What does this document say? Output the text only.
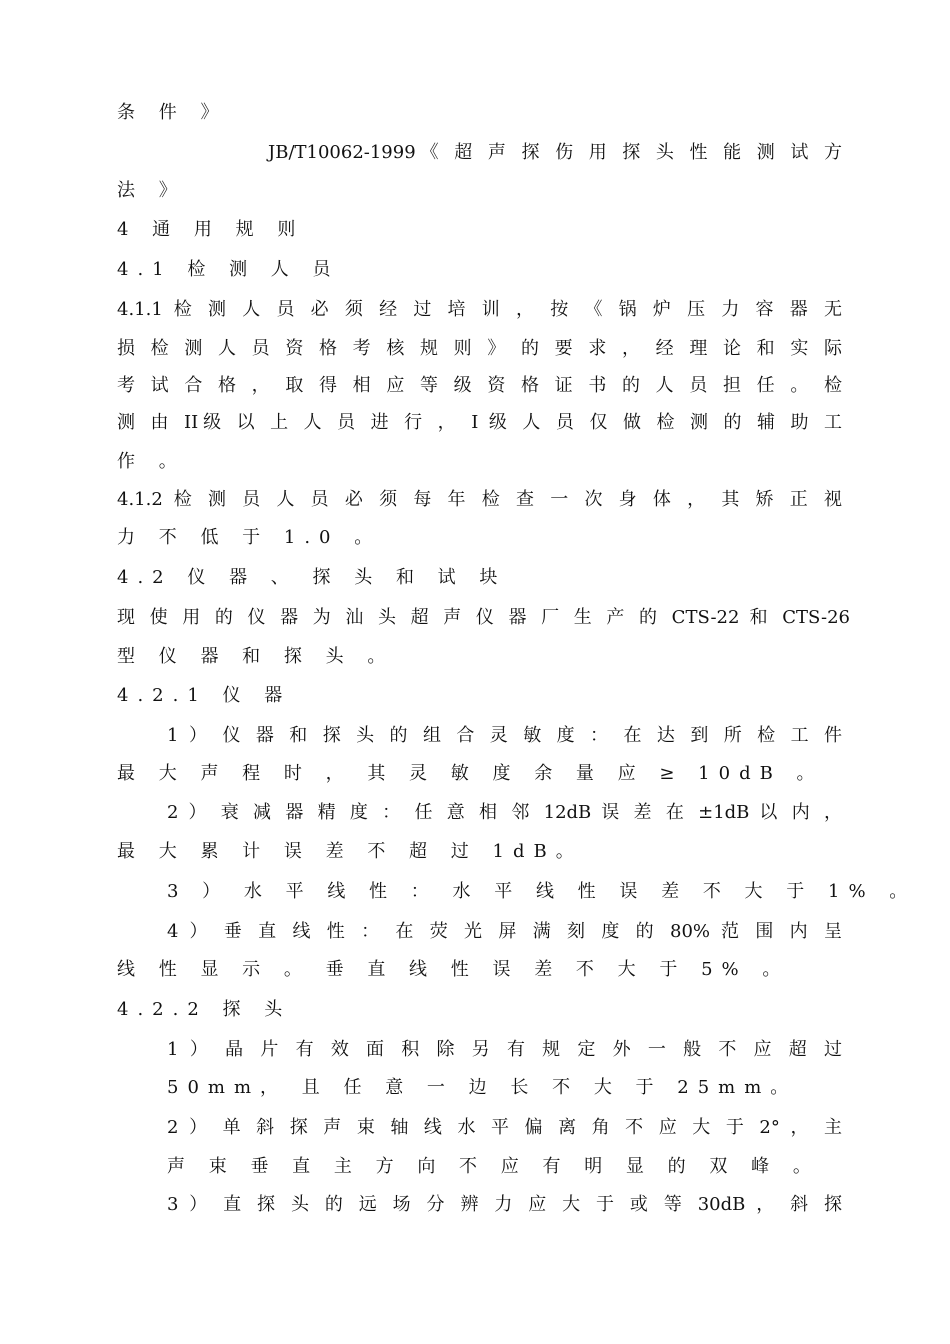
条 件 》
JB/T10062-1999《 超 声 探 伤 用 探 头 性 能 测 试 方
法 》
4 通 用 规 则
4.1 检 测 人 员
4.1.1 检 测 人 员 必 须 经 过 培 训 ， 按 《 锅 炉 压 力 容 器 无
损 检 测 人 员 资 格 考 核 规 则 》 的 要 求 ， 经 理 论 和 实 际
考 试 合 格 ， 取 得 相 应 等 级 资 格 证 书 的 人 员 担 任 。 检
测 由 II级 以 上 人 员 进 行 ， I 级 人 员 仅 做 检 测 的 辅 助 工
作 。
4.1.2 检 测 员 人 员 必 须 每 年 检 查 一 次 身 体 ， 其 矫 正 视
力 不 低 于 1.0 。
4.2 仪 器 、 探 头 和 试 块
现 使 用 的 仪 器 为 汕 头 超 声 仪 器 厂 生 产 的 CTS-22 和 CTS-26
型 仪 器 和 探 头 。
4.2.1 仪 器
1 ） 仪 器 和 探 头 的 组 合 灵 敏 度 ： 在 达 到 所 检 工 件
最 大 声 程 时 ， 其 灵 敏 度 余 量 应 ≥ 10dB 。
2 ） 衰 减 器 精 度 ： 任 意 相 邻 12dB 误 差 在 ±1dB 以 内 ，
最 大 累 计 误 差 不 超 过 1dB。
3 ） 水 平 线 性 ： 水 平 线 性 误 差 不 大 于 1% 。
4 ） 垂 直 线 性 ： 在 荧 光 屏 满 刻 度 的 80% 范 围 内 呈
线 性 显 示 。 垂 直 线 性 误 差 不 大 于 5% 。
4.2.2 探 头
1 ） 晶 片 有 效 面 积 除 另 有 规 定 外 一 般 不 应 超 过
50mm， 且 任 意 一 边 长 不 大 于 25mm。
2 ） 单 斜 探 声 束 轴 线 水 平 偏 离 角 不 应 大 于 2° ， 主
声 束 垂 直 主 方 向 不 应 有 明 显 的 双 峰 。
3 ） 直 探 头 的 远 场 分 辨 力 应 大 于 或 等 30dB ， 斜 探
